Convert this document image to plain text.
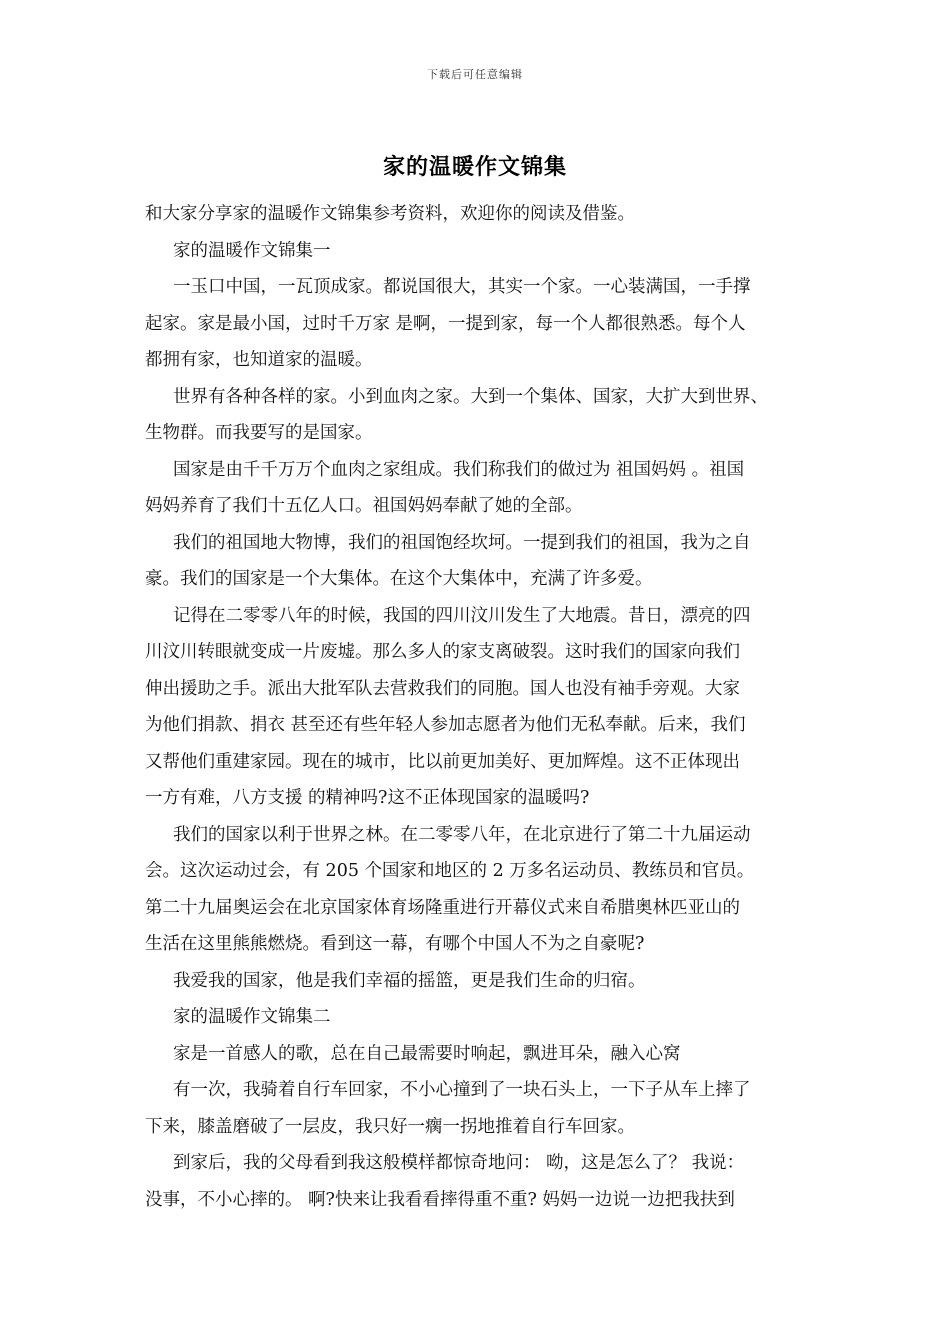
下载后可任意编辑
家的温暖作文锦集
和大家分享家的温暖作文锦集参考资料，欢迎你的阅读及借鉴。
家的温暖作文锦集一
一玉口中国，一瓦顶成家。都说国很大，其实一个家。一心装满国，一手撑
起家。家是最小国，过时千万家 是啊，一提到家，每一个人都很熟悉。每个人
都拥有家，也知道家的温暖。
世界有各种各样的家。小到血肉之家。大到一个集体、国家，大扩大到世界、
生物群。而我要写的是国家。
国家是由千千万万个血肉之家组成。我们称我们的做过为 祖国妈妈 。祖国
妈妈养育了我们十五亿人口。祖国妈妈奉献了她的全部。
我们的祖国地大物博，我们的祖国饱经坎坷。一提到我们的祖国，我为之自
豪。我们的国家是一个大集体。在这个大集体中，充满了许多爱。
记得在二零零八年的时候，我国的四川汶川发生了大地震。昔日，漂亮的四
川汶川转眼就变成一片废墟。那么多人的家支离破裂。这时我们的国家向我们
伸出援助之手。派出大批军队去营救我们的同胞。国人也没有袖手旁观。大家
为他们捐款、捐衣 甚至还有些年轻人参加志愿者为他们无私奉献。后来，我们
又帮他们重建家园。现在的城市，比以前更加美好、更加辉煌。这不正体现出
一方有难，八方支援 的精神吗?这不正体现国家的温暖吗?
我们的国家以利于世界之林。在二零零八年，在北京进行了第二十九届运动
会。这次运动过会，有 205 个国家和地区的 2 万多名运动员、教练员和官员。
第二十九届奥运会在北京国家体育场隆重进行开幕仪式来自希腊奥林匹亚山的
生活在这里熊熊燃烧。看到这一幕，有哪个中国人不为之自豪呢?
我爱我的国家，他是我们幸福的摇篮，更是我们生命的归宿。
家的温暖作文锦集二
家是一首感人的歌，总在自己最需要时响起，飘进耳朵，融入心窝
有一次，我骑着自行车回家，不小心撞到了一块石头上，一下子从车上摔了
下来，膝盖磨破了一层皮，我只好一瘸一拐地推着自行车回家。
到家后，我的父母看到我这般模样都惊奇地问： 呦，这是怎么了？ 我说：
没事，不小心摔的。 啊?快来让我看看摔得重不重? 妈妈一边说一边把我扶到
